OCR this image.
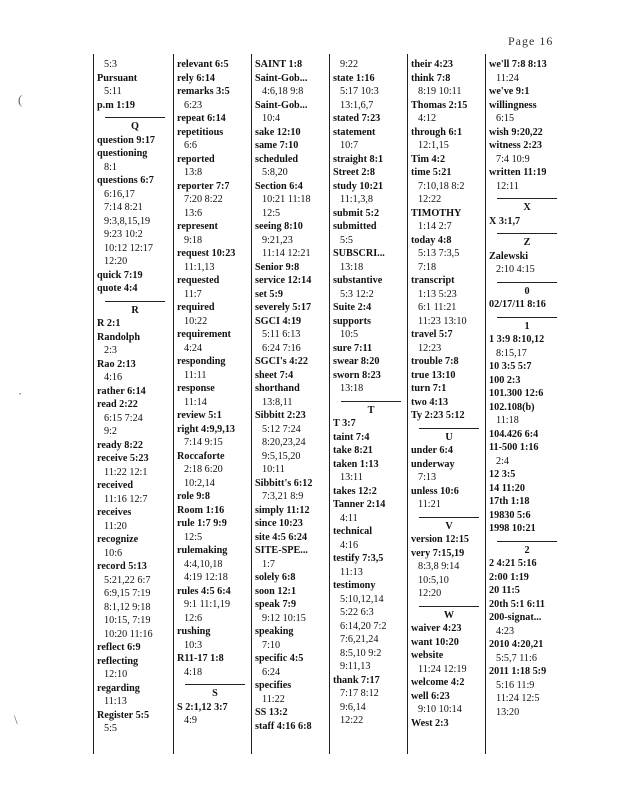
Page 16
5:3
Pursuant
5:11
p.m 1:19
Q
question 9:17
questioning
8:1
questions 6:7
6:16,17
7:14 8:21
9:3,8,15,19
9:23 10:2
10:12 12:17
12:20
quick 7:19
quote 4:4
R
R 2:1
Randolph
2:3
Rao 2:13
4:16
rather 6:14
read 2:22
6:15 7:24
9:2
ready 8:22
receive 5:23
11:22 12:1
received
11:16 12:7
receives
11:20
recognize
10:6
record 5:13
5:21,22 6:7
6:9,15 7:19
8:1,12 9:18
10:15, 7:19
10:20 11:16
reflect 6:9
reflecting
12:10
regarding
11:13
Register 5:5
5:5
relevant 6:5
rely 6:14
remarks 3:5
6:23
repeat 6:14
repetitious
6:6
reported
13:8
reporter 7:7
7:20 8:22
13:6
represent
9:18
request 10:23
11:1,13
requested
11:7
required
10:22
requirement
4:24
responding
11:11
response
11:14
review 5:1
right 4:9,9,13
7:14 9:15
Roccaforte
2:18 6:20
10:2,14
role 9:8
Room 1:16
rule 1:7 9:9
12:5
rulemaking
4:4,10,18
4:19 12:18
rules 4:5 6:4
9:1 11:1,19
12:6
rushing
10:3
R11-17 1:8
4:18
S
S 2:1,12 3:7
4:9
SAINT 1:8
Saint-Gob...
4:6,18 9:8
Saint-Gob...
10:4
sake 12:10
same 7:10
scheduled
5:8,20
Section 6:4
10:21 11:18
12:5
seeing 8:10
9:21,23
11:14 12:21
Senior 9:8
service 12:14
set 5:9
severely 5:17
SGCI 4:19
5:11 6:13
6:24 7:16
SGCI's 4:22
sheet 7:4
shorthand
13:8,11
Sibbitt 2:23
5:12 7:24
8:20,23,24
9:5,15,20
10:11
Sibbitt's 6:12
7:3,21 8:9
simply 11:12
since 10:23
site 4:5 6:24
SITE-SPE...
1:7
solely 6:8
soon 12:1
speak 7:9
9:12 10:15
speaking
7:10
specific 4:5
6:24
specifies
11:22
SS 13:2
staff 4:16 6:8
9:22
state 1:16
5:17 10:3
13:1,6,7
stated 7:23
statement
10:7
straight 8:1
Street 2:8
study 10:21
11:1,3,8
submit 5:2
submitted
5:5
SUBSCRI...
13:18
substantive
5:3 12:2
Suite 2:4
supports
10:5
sure 7:11
swear 8:20
sworn 8:23
13:18
T
T 3:7
taint 7:4
take 8:21
taken 1:13
13:11
takes 12:2
Tanner 2:14
4:11
technical
4:16
testify 7:3,5
11:13
testimony
5:10,12,14
5:22 6:3
6:14,20 7:2
7:6,21,24
8:5,10 9:2
9:11,13
thank 7:17
7:17 8:12
9:6,14
12:22
their 4:23
think 7:8
8:19 10:11
Thomas 2:15
4:12
through 6:1
12:1,15
Tim 4:2
time 5:21
7:10,18 8:2
12:22
TIMOTHY
1:14 2:7
today 4:8
5:13 7:3,5
7:18
transcript
1:13 5:23
6:1 11:21
11:23 13:10
travel 5:7
12:23
trouble 7:8
true 13:10
turn 7:1
two 4:13
Ty 2:23 5:12
U
under 6:4
underway
7:13
unless 10:6
11:21
V
version 12:15
very 7:15,19
8:3,8 9:14
10:5,10
12:20
W
waiver 4:23
want 10:20
website
11:24 12:19
welcome 4:2
well 6:23
9:10 10:14
West 2:3
we'll 7:8 8:13
11:24
we've 9:1
willingness
6:15
wish 9:20,22
witness 2:23
7:4 10:9
written 11:19
12:11
X
X 3:1,7
Z
Zalewski
2:10 4:15
0
02/17/11 8:16
1
1 3:9 8:10,12
8:15,17
10 3:5 5:7
100 2:3
101.300 12:6
102.108(b)
11:18
104.426 6:4
11-500 1:16
2:4
12 3:5
14 11:20
17th 1:18
19830 5:6
1998 10:21
2
2 4:21 5:16
2:00 1:19
20 11:5
20th 5:1 6:11
200-signat...
4:23
2010 4:20,21
5:5,7 11:6
2011 1:18 5:9
5:16 11:9
11:24 12:5
13:20
(
·
\
